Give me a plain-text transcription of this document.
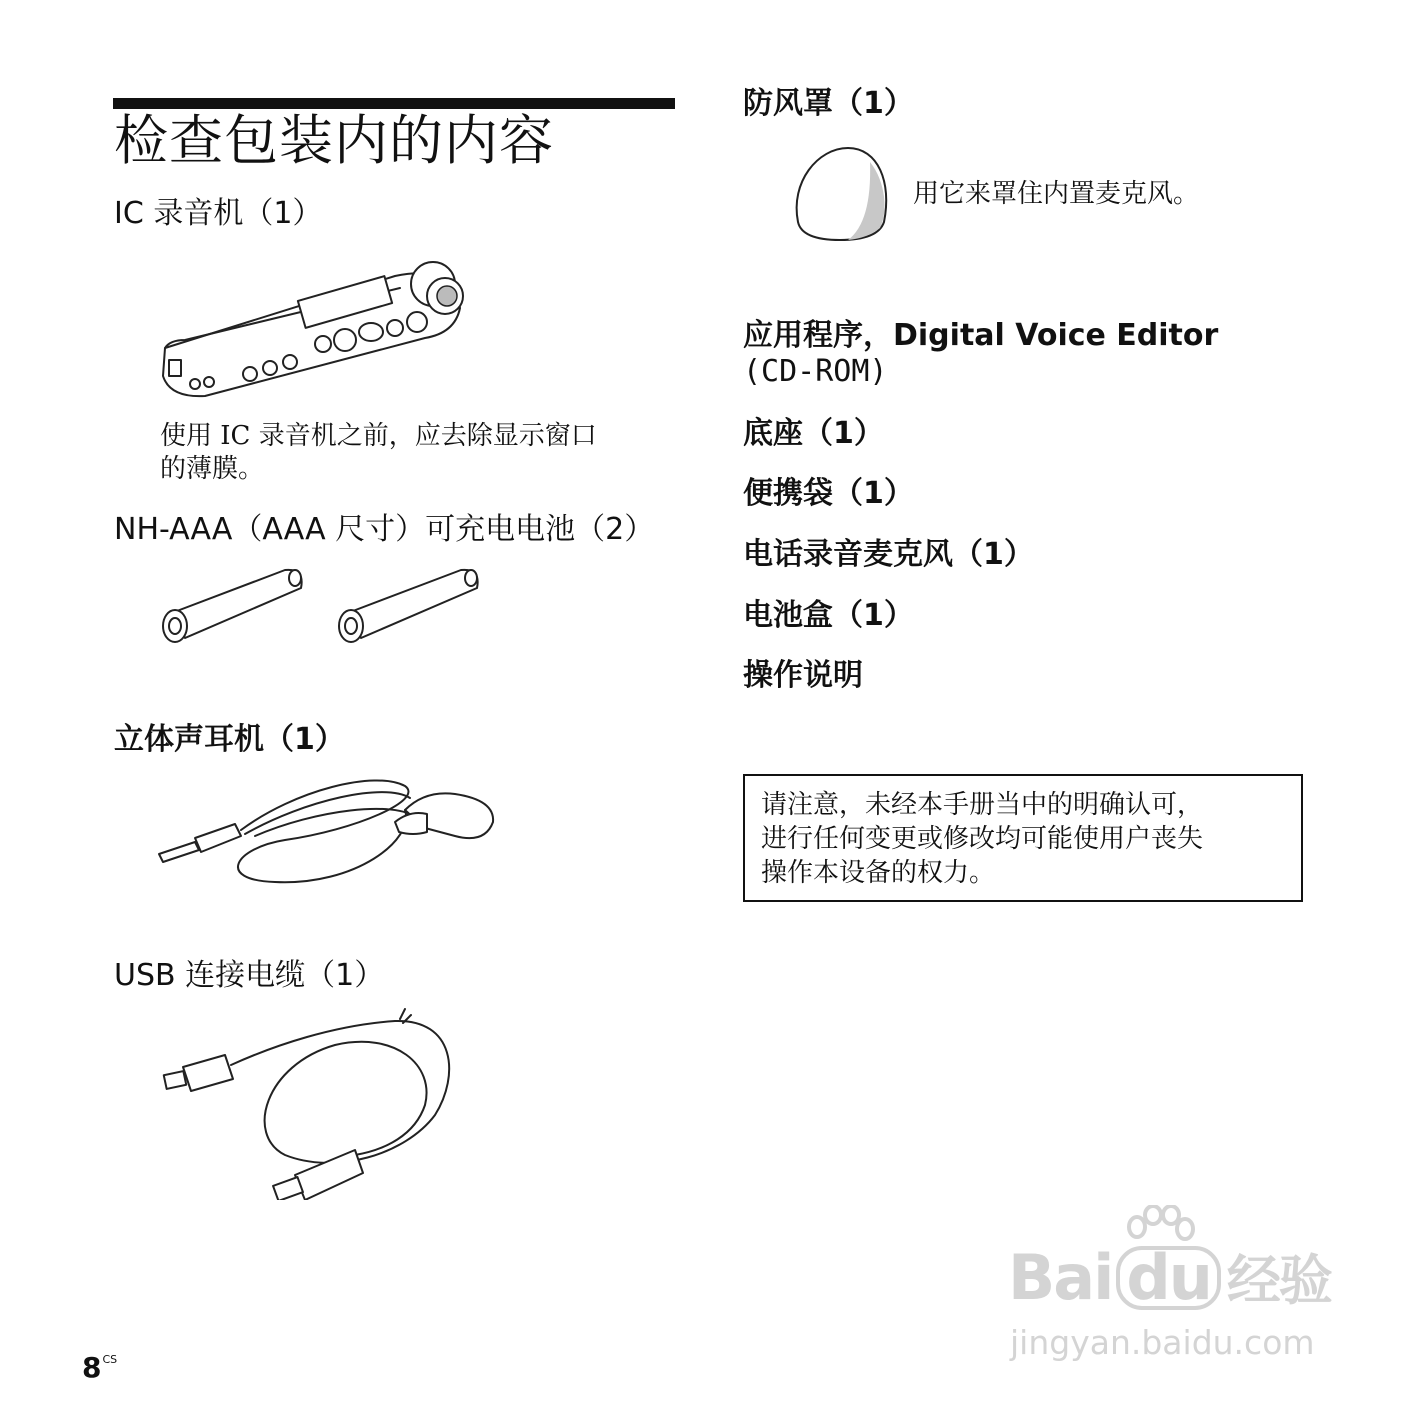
检查包装内的内容
IC 录音机（1）
使用 IC 录音机之前，应去除显示窗口
的薄膜。
NH-AAA（AAA 尺寸）可充电电池（2）
立体声耳机（1）
USB 连接电缆（1）
防风罩（1）
用它来罩住内置麦克风。
应用程序，Digital Voice Editor
(CD-ROM)
底座（1）
便携袋（1）
电话录音麦克风（1）
电池盒（1）
操作说明
请注意，未经本手册当中的明确认可，
进行任何变更或修改均可能使用户丧失
操作本设备的权力。
$8^{CS}$
Bai du 经验
jingyan.baidu.com
